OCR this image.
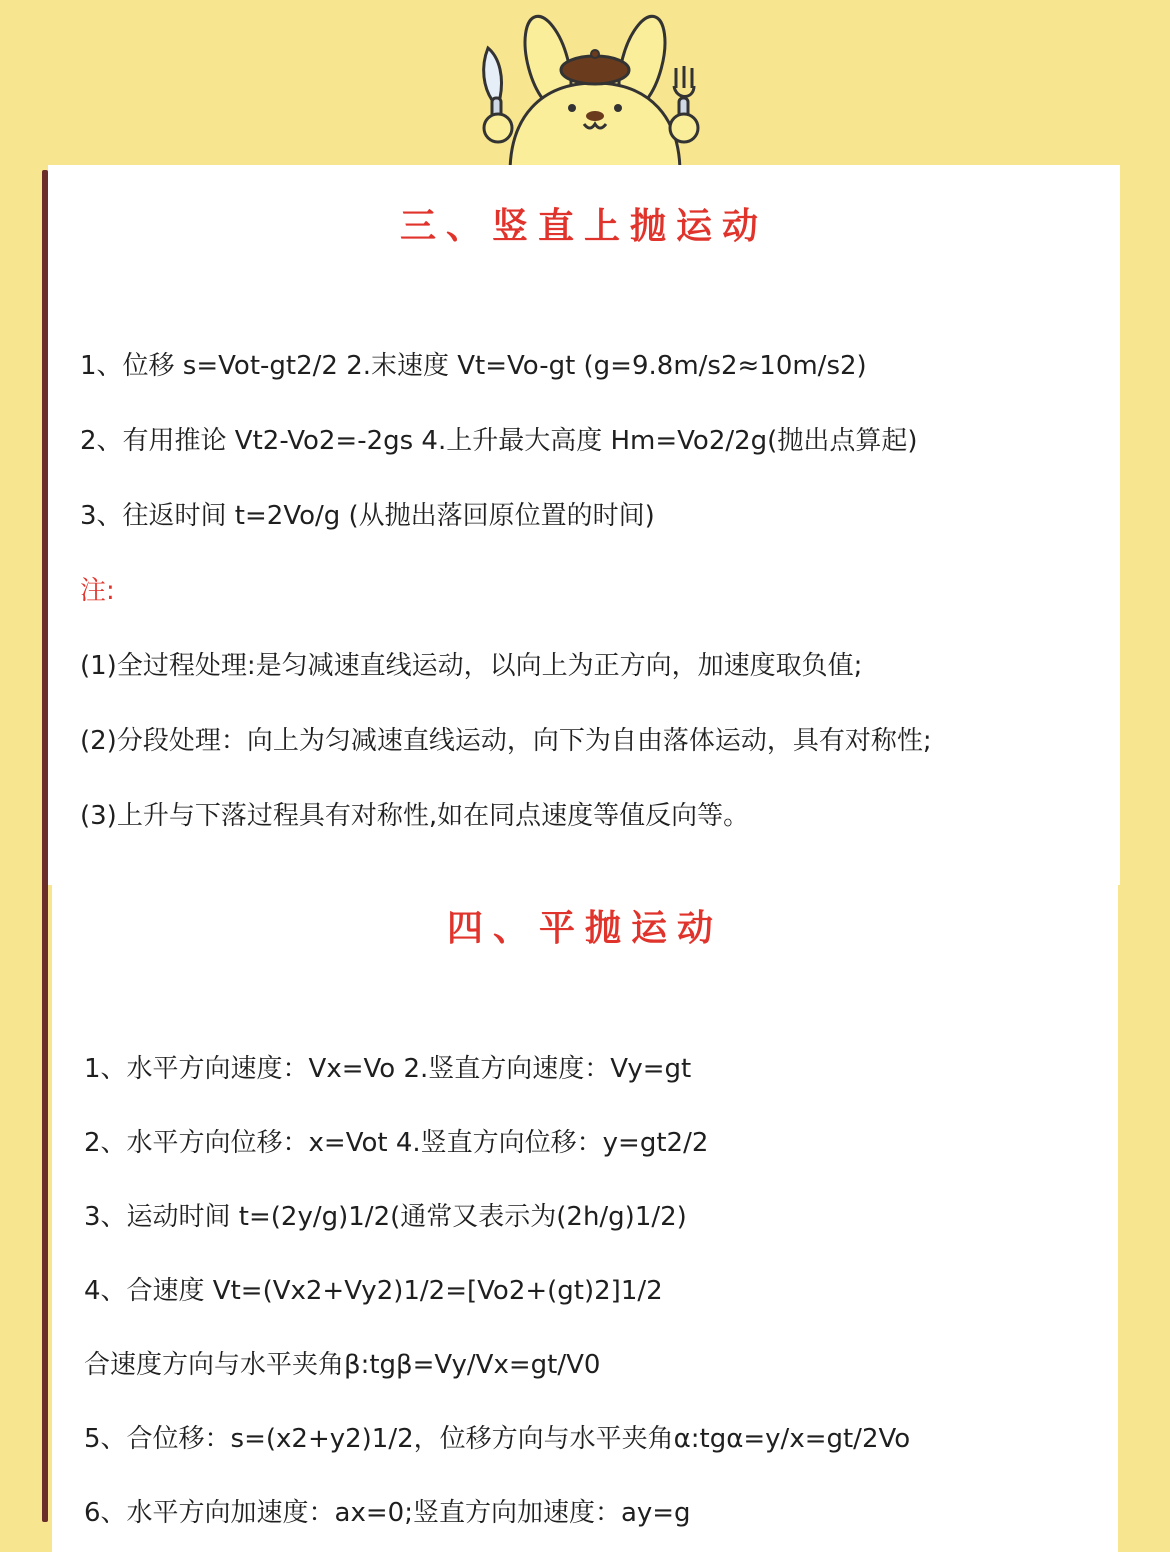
三、竖直上抛运动
1、位移 s=Vot-gt2/2 2.末速度 Vt=Vo-gt (g=9.8m/s2≈10m/s2)
2、有用推论 Vt2-Vo2=-2gs 4.上升最大高度 Hm=Vo2/2g(抛出点算起)
3、往返时间 t=2Vo/g (从抛出落回原位置的时间)
注:
(1)全过程处理:是匀减速直线运动，以向上为正方向，加速度取负值;
(2)分段处理：向上为匀减速直线运动，向下为自由落体运动，具有对称性;
(3)上升与下落过程具有对称性,如在同点速度等值反向等。
四、平抛运动
1、水平方向速度：Vx=Vo 2.竖直方向速度：Vy=gt
2、水平方向位移：x=Vot 4.竖直方向位移：y=gt2/2
3、运动时间 t=(2y/g)1/2(通常又表示为(2h/g)1/2)
4、合速度 Vt=(Vx2+Vy2)1/2=[Vo2+(gt)2]1/2
合速度方向与水平夹角β:tgβ=Vy/Vx=gt/V0
5、合位移：s=(x2+y2)1/2，位移方向与水平夹角α:tgα=y/x=gt/2Vo
6、水平方向加速度：ax=0;竖直方向加速度：ay=g
